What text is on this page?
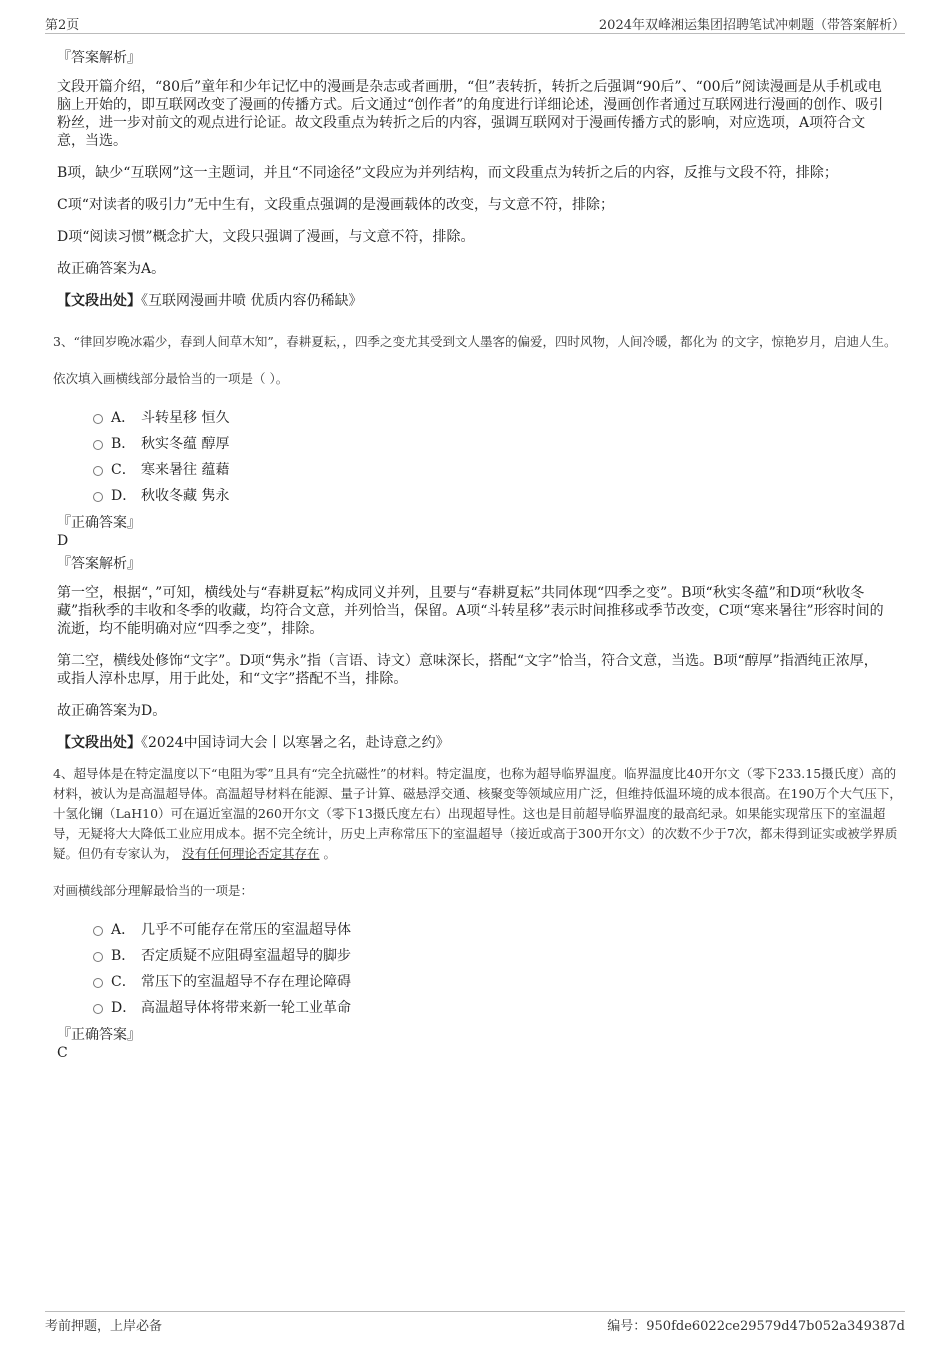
第2页	2024年双峰湘运集团招聘笔试冲刺题（带答案解析）
『答案解析』
文段开篇介绍，“80后”童年和少年记忆中的漫画是杂志或者画册，“但”表转折，转折之后强调“90后”、“00后”阅读漫画是从手机或电脑上开始的，即互联网改变了漫画的传播方式。后文通过“创作者”的角度进行详细论述，漫画创作者通过互联网进行漫画的创作、吸引粉丝，进一步对前文的观点进行论证。故文段重点为转折之后的内容，强调互联网对于漫画传播方式的影响，对应选项，A项符合文意，当选。
B项，缺少“互联网”这一主题词，并且“不同途径”文段应为并列结构，而文段重点为转折之后的内容，反推与文段不符，排除；
C项“对读者的吸引力”无中生有，文段重点强调的是漫画载体的改变，与文意不符，排除；
D项“阅读习惯”概念扩大，文段只强调了漫画，与文意不符，排除。
故正确答案为A。
【文段出处】《互联网漫画井喷 优质内容仍稀缺》
3、“律回岁晚冰霜少，春到人间草木知”，春耕夏耘，，四季之变尤其受到文人墨客的偏爱，四时风物，人间冷暖，都化为 的文字，惊艳岁月，启迪人生。
依次填入画横线部分最恰当的一项是（ ）。
A． 斗转星移 恒久
B． 秋实冬蕴 醇厚
C． 寒来暑往 蕴藉
D． 秋收冬藏 隽永
『正确答案』
D
『答案解析』
第一空，根据“，”可知，横线处与“春耕夏耘”构成同义并列，且要与“春耕夏耘”共同体现“四季之变”。B项“秋实冬蕴”和D项“秋收冬藏”指秋季的丰收和冬季的收藏，均符合文意，并列恰当，保留。A项“斗转星移”表示时间推移或季节改变，C项“寒来暑往”形容时间的流逝，均不能明确对应“四季之变”，排除。
第二空，横线处修饰“文字”。D项“隽永”指（言语、诗文）意味深长，搭配“文字”恰当，符合文意，当选。B项“醇厚”指酒纯正浓厚，或指人淳朴忠厚，用于此处，和“文字”搭配不当，排除。
故正确答案为D。
【文段出处】《2024中国诗词大会丨以寒暑之名，赴诗意之约》
4、超导体是在特定温度以下“电阻为零”且具有“完全抗磁性”的材料。特定温度，也称为超导临界温度。临界温度比40开尔文（零下233.15摄氏度）高的材料，被认为是高温超导体。高温超导材料在能源、量子计算、磁悬浮交通、核聚变等领域应用广泛，但维持低温环境的成本很高。在190万个大气压下，十氢化镧（LaH10）可在逼近室温的260开尔文（零下13摄氏度左右）出现超导性。这也是目前超导临界温度的最高纪录。如果能实现常压下的室温超导，无疑将大大降低工业应用成本。据不完全统计，历史上声称常压下的室温超导（接近或高于300开尔文）的次数不少于7次，都未得到证实或被学界质疑。但仍有专家认为， 没有任何理论否定其存在 。
对画横线部分理解最恰当的一项是：
A． 几乎不可能存在常压的室温超导体
B． 否定质疑不应阻碍室温超导的脚步
C． 常压下的室温超导不存在理论障碍
D． 高温超导体将带来新一轮工业革命
『正确答案』
C
考前押题，上岸必备	编号：950fde6022ce29579d47b052a349387d
